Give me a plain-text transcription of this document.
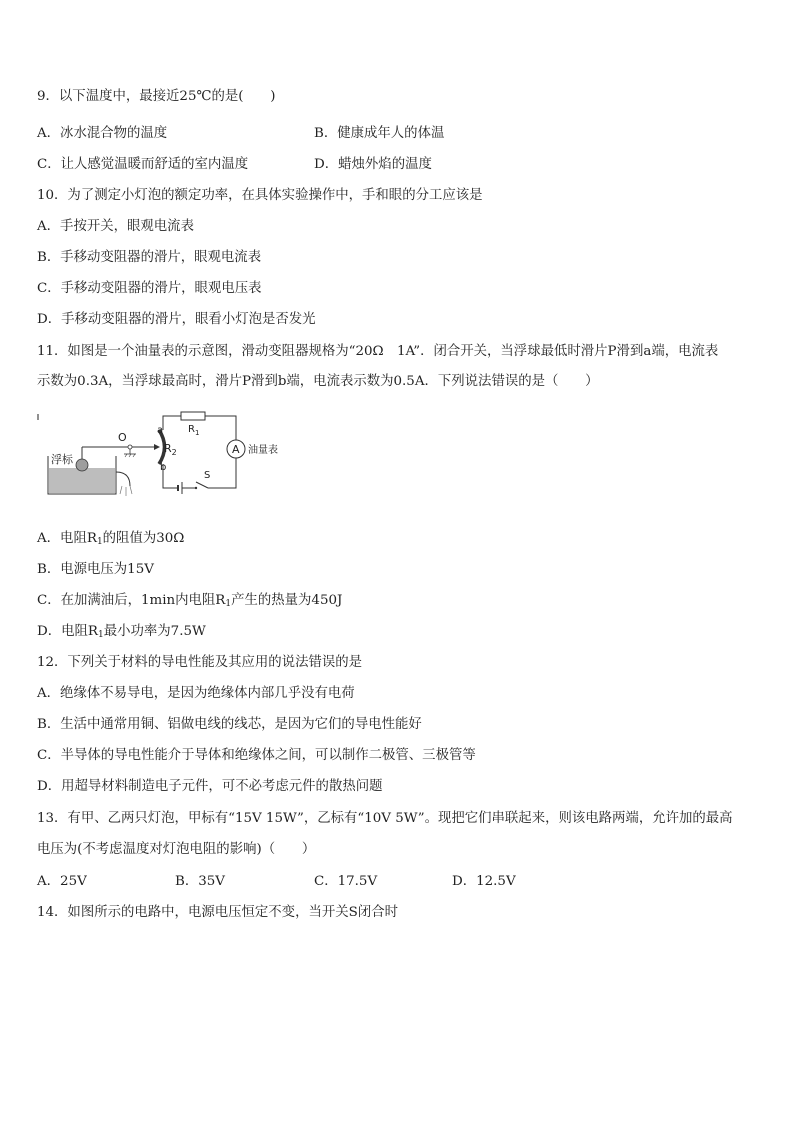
9．以下温度中，最接近25℃的是(　　)
A．冰水混合物的温度	B．健康成年人的体温
C．让人感觉温暖而舒适的室内温度	D．蜡烛外焰的温度
10．为了测定小灯泡的额定功率，在具体实验操作中，手和眼的分工应该是
A．手按开关，眼观电流表
B．手移动变阻器的滑片，眼观电流表
C．手移动变阻器的滑片，眼观电压表
D．手移动变阻器的滑片，眼看小灯泡是否发光
11．如图是一个油量表的示意图，滑动变阻器规格为“20Ω　1A”．闭合开关，当浮球最低时滑片P滑到a端，电流表
示数为0.3A，当浮球最高时，滑片P滑到b端，电流表示数为0.5A．下列说法错误的是（　　）
浮标
O
a
b
$R_2$
$R_1$
A 油量表
S
A．电阻$R_1$的阻值为30Ω
B．电源电压为15V
C．在加满油后，1min内电阻$R_1$产生的热量为450J
D．电阻$R_1$最小功率为7.5W
12．下列关于材料的导电性能及其应用的说法错误的是
A．绝缘体不易导电，是因为绝缘体内部几乎没有电荷
B．生活中通常用铜、铝做电线的线芯，是因为它们的导电性能好
C．半导体的导电性能介于导体和绝缘体之间，可以制作二极管、三极管等
D．用超导材料制造电子元件，可不必考虑元件的散热问题
13．有甲、乙两只灯泡，甲标有“15V 15W”，乙标有“10V 5W”。现把它们串联起来，则该电路两端，允许加的最高
电压为(不考虑温度对灯泡电阻的影响)（　　）
A．25V	B．35V	C．17.5V	D．12.5V
14．如图所示的电路中，电源电压恒定不变，当开关S闭合时
